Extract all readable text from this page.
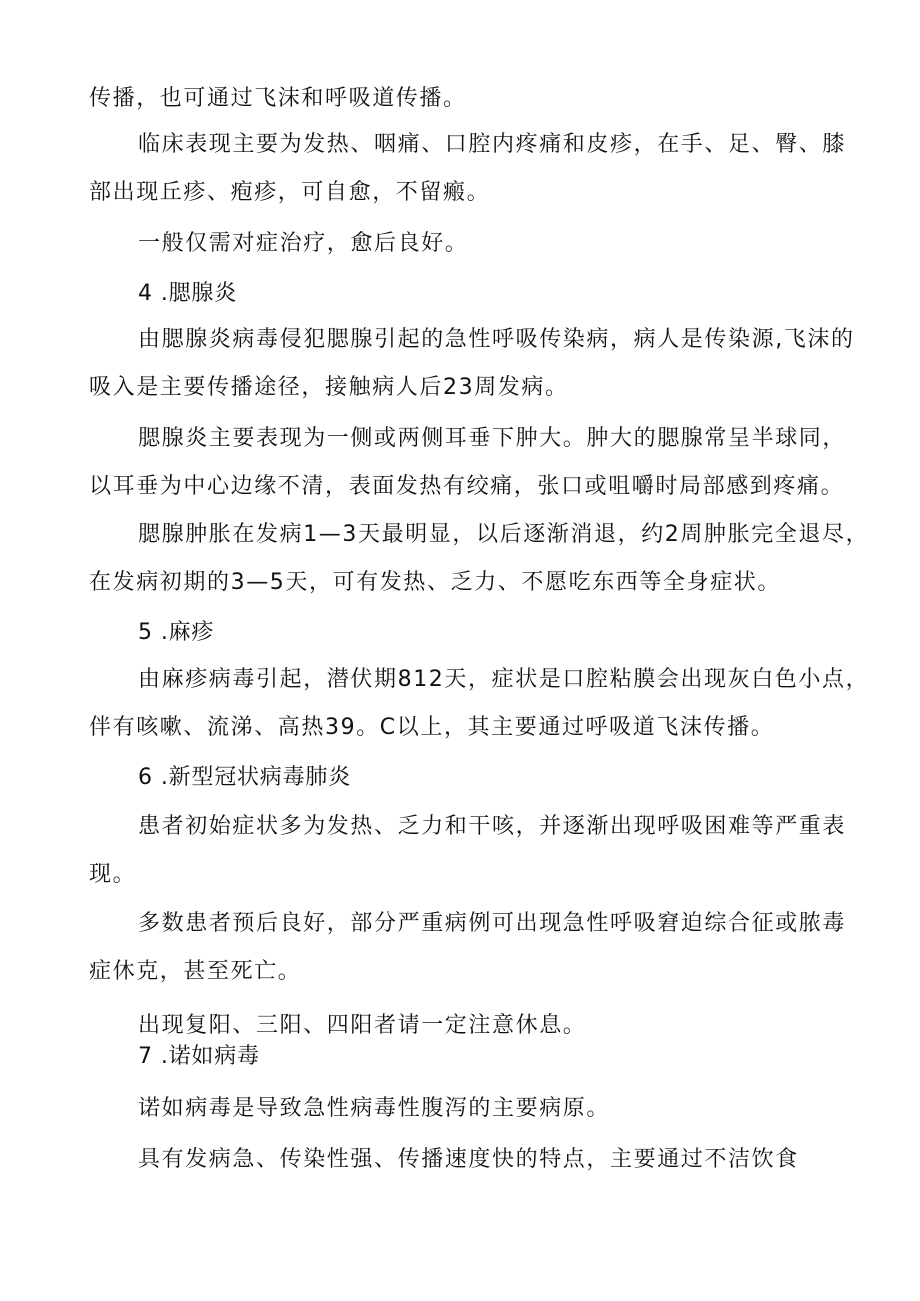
传播，也可通过飞沫和呼吸道传播。
临床表现主要为发热、咽痛、口腔内疼痛和皮疹，在手、足、臀、膝
部出现丘疹、疱疹，可自愈，不留瘢。
一般仅需对症治疗，愈后良好。
4 .腮腺炎
由腮腺炎病毒侵犯腮腺引起的急性呼吸传染病，病人是传染源,飞沫的
吸入是主要传播途径，接触病人后23周发病。
腮腺炎主要表现为一侧或两侧耳垂下肿大。肿大的腮腺常呈半球同，
以耳垂为中心边缘不清，表面发热有绞痛，张口或咀嚼时局部感到疼痛。
腮腺肿胀在发病1—3天最明显，以后逐渐消退，约2周肿胀完全退尽，
在发病初期的3—5天，可有发热、乏力、不愿吃东西等全身症状。
5 .麻疹
由麻疹病毒引起，潜伏期812天，症状是口腔粘膜会出现灰白色小点，
伴有咳嗽、流涕、高热39。C以上，其主要通过呼吸道飞沫传播。
6 .新型冠状病毒肺炎
患者初始症状多为发热、乏力和干咳，并逐渐出现呼吸困难等严重表
现。
多数患者预后良好，部分严重病例可出现急性呼吸窘迫综合征或脓毒
症休克，甚至死亡。
出现复阳、三阳、四阳者请一定注意休息。
7 .诺如病毒
诺如病毒是导致急性病毒性腹泻的主要病原。
具有发病急、传染性强、传播速度快的特点，主要通过不洁饮食
